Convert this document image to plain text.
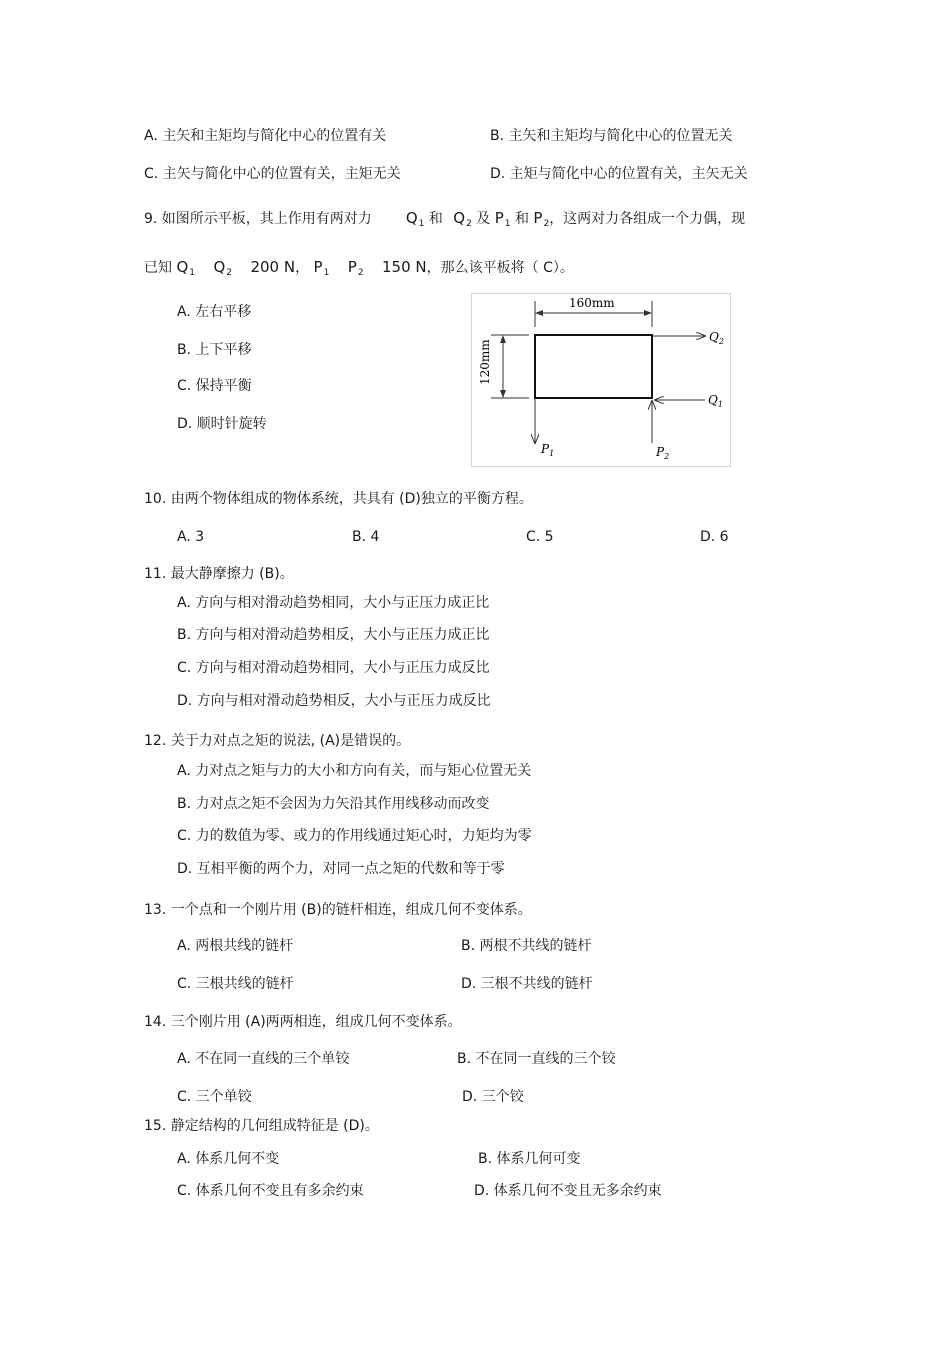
A. 主矢和主矩均与简化中心的位置有关	B. 主矢和主矩均与简化中心的位置无关
C. 主矢与简化中心的位置有关，主矩无关	D. 主矩与简化中心的位置有关，主矢无关
9. 如图所示平板，其上作用有两对力 $Q_1$ 和 $Q_2$ 及 $P_1$ 和 $P_2$，这两对力各组成一个力偶，现
已知 $Q_1$ $Q_2$ 200 N， $P_1$ $P_2$ 150 N，那么该平板将（ C）。
A. 左右平移
B. 上下平移
C. 保持平衡
D. 顺时针旋转
160mm
120mm
$Q_2$
$Q_1$
$P_1$	$P_2$
10. 由两个物体组成的物体系统，共具有 (D)独立的平衡方程。
A. 3	B. 4	C. 5	D. 6
11. 最大静摩擦力 (B)。
A. 方向与相对滑动趋势相同，大小与正压力成正比
B. 方向与相对滑动趋势相反，大小与正压力成正比
C. 方向与相对滑动趋势相同，大小与正压力成反比
D. 方向与相对滑动趋势相反，大小与正压力成反比
12. 关于力对点之矩的说法, (A)是错误的。
A. 力对点之矩与力的大小和方向有关，而与矩心位置无关
B. 力对点之矩不会因为力矢沿其作用线移动而改变
C. 力的数值为零、或力的作用线通过矩心时，力矩均为零
D. 互相平衡的两个力，对同一点之矩的代数和等于零
13. 一个点和一个刚片用 (B)的链杆相连，组成几何不变体系。
A. 两根共线的链杆	B. 两根不共线的链杆
C. 三根共线的链杆	D. 三根不共线的链杆
14. 三个刚片用 (A)两两相连，组成几何不变体系。
A. 不在同一直线的三个单铰	B. 不在同一直线的三个铰
C. 三个单铰	D. 三个铰
15. 静定结构的几何组成特征是 (D)。
A. 体系几何不变	B. 体系几何可变
C. 体系几何不变且有多余约束	D. 体系几何不变且无多余约束
